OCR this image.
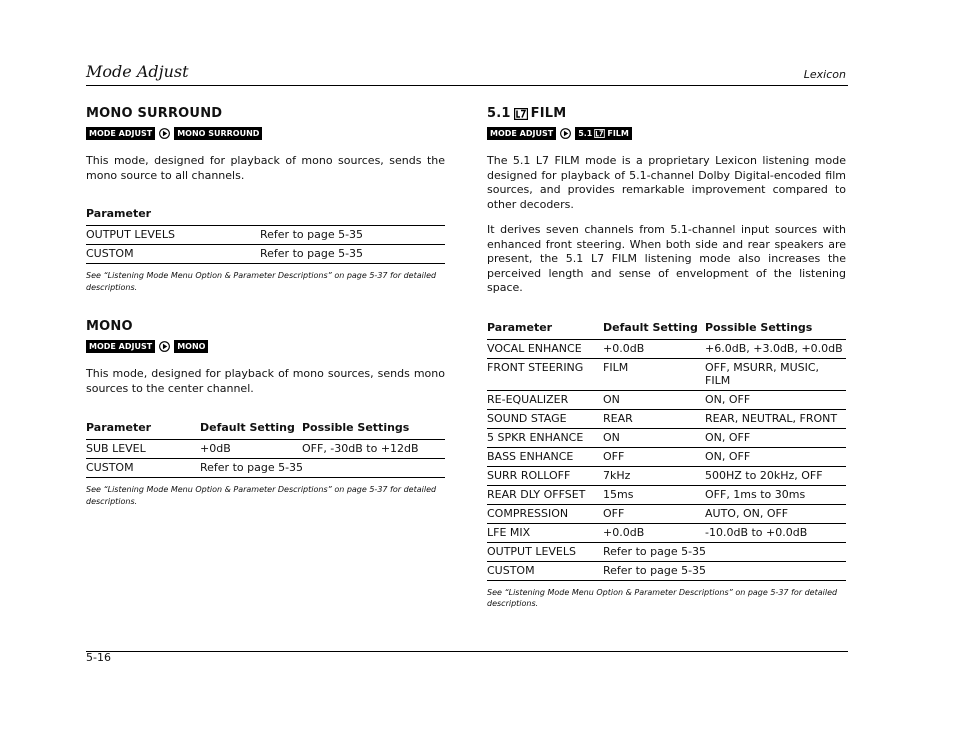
Mode Adjust	Lexicon
MONO SURROUND
MODE ADJUST	MONO SURROUND

This mode, designed for playback of mono sources, sends the mono source to all channels.

Parameter	
OUTPUT LEVELS	Refer to page 5-35
CUSTOM	Refer to page 5-35
See “Listening Mode Menu Option & Parameter Descriptions” on page 5-37 for detailed descriptions.
MONO
MODE ADJUST	MONO

This mode, designed for playback of mono sources, sends mono sources to the center channel.

Parameter	Default Setting	Possible Settings
SUB LEVEL	+0dB	OFF, -30dB to +12dB
CUSTOM	Refer to page 5-35	
See “Listening Mode Menu Option & Parameter Descriptions” on page 5-37 for detailed descriptions.
5.1 FILM
MODE ADJUST	5.1 FILM

The 5.1 L7 FILM mode is a proprietary Lexicon listening mode designed for playback of 5.1-channel Dolby Digital-encoded film sources, and provides remarkable improvement compared to other decoders.

It derives seven channels from 5.1-channel input sources with enhanced front steering. When both side and rear speakers are present, the 5.1 L7 FILM listening mode also increases the perceived length and sense of envelopment of the listening space.

Parameter	Default Setting	Possible Settings
VOCAL ENHANCE	+0.0dB	+6.0dB, +3.0dB, +0.0dB
FRONT STEERING	FILM	OFF, MSURR, MUSIC, FILM
RE-EQUALIZER	ON	ON, OFF
SOUND STAGE	REAR	REAR, NEUTRAL, FRONT
5 SPKR ENHANCE	ON	ON, OFF
BASS ENHANCE	OFF	ON, OFF
SURR ROLLOFF	7kHz	500HZ to 20kHz, OFF
REAR DLY OFFSET	15ms	OFF, 1ms to 30ms
COMPRESSION	OFF	AUTO, ON, OFF
LFE MIX	+0.0dB	-10.0dB to +0.0dB
OUTPUT LEVELS	Refer to page 5-35	
CUSTOM	Refer to page 5-35	
See “Listening Mode Menu Option & Parameter Descriptions” on page 5-37 for detailed descriptions.
5-16
